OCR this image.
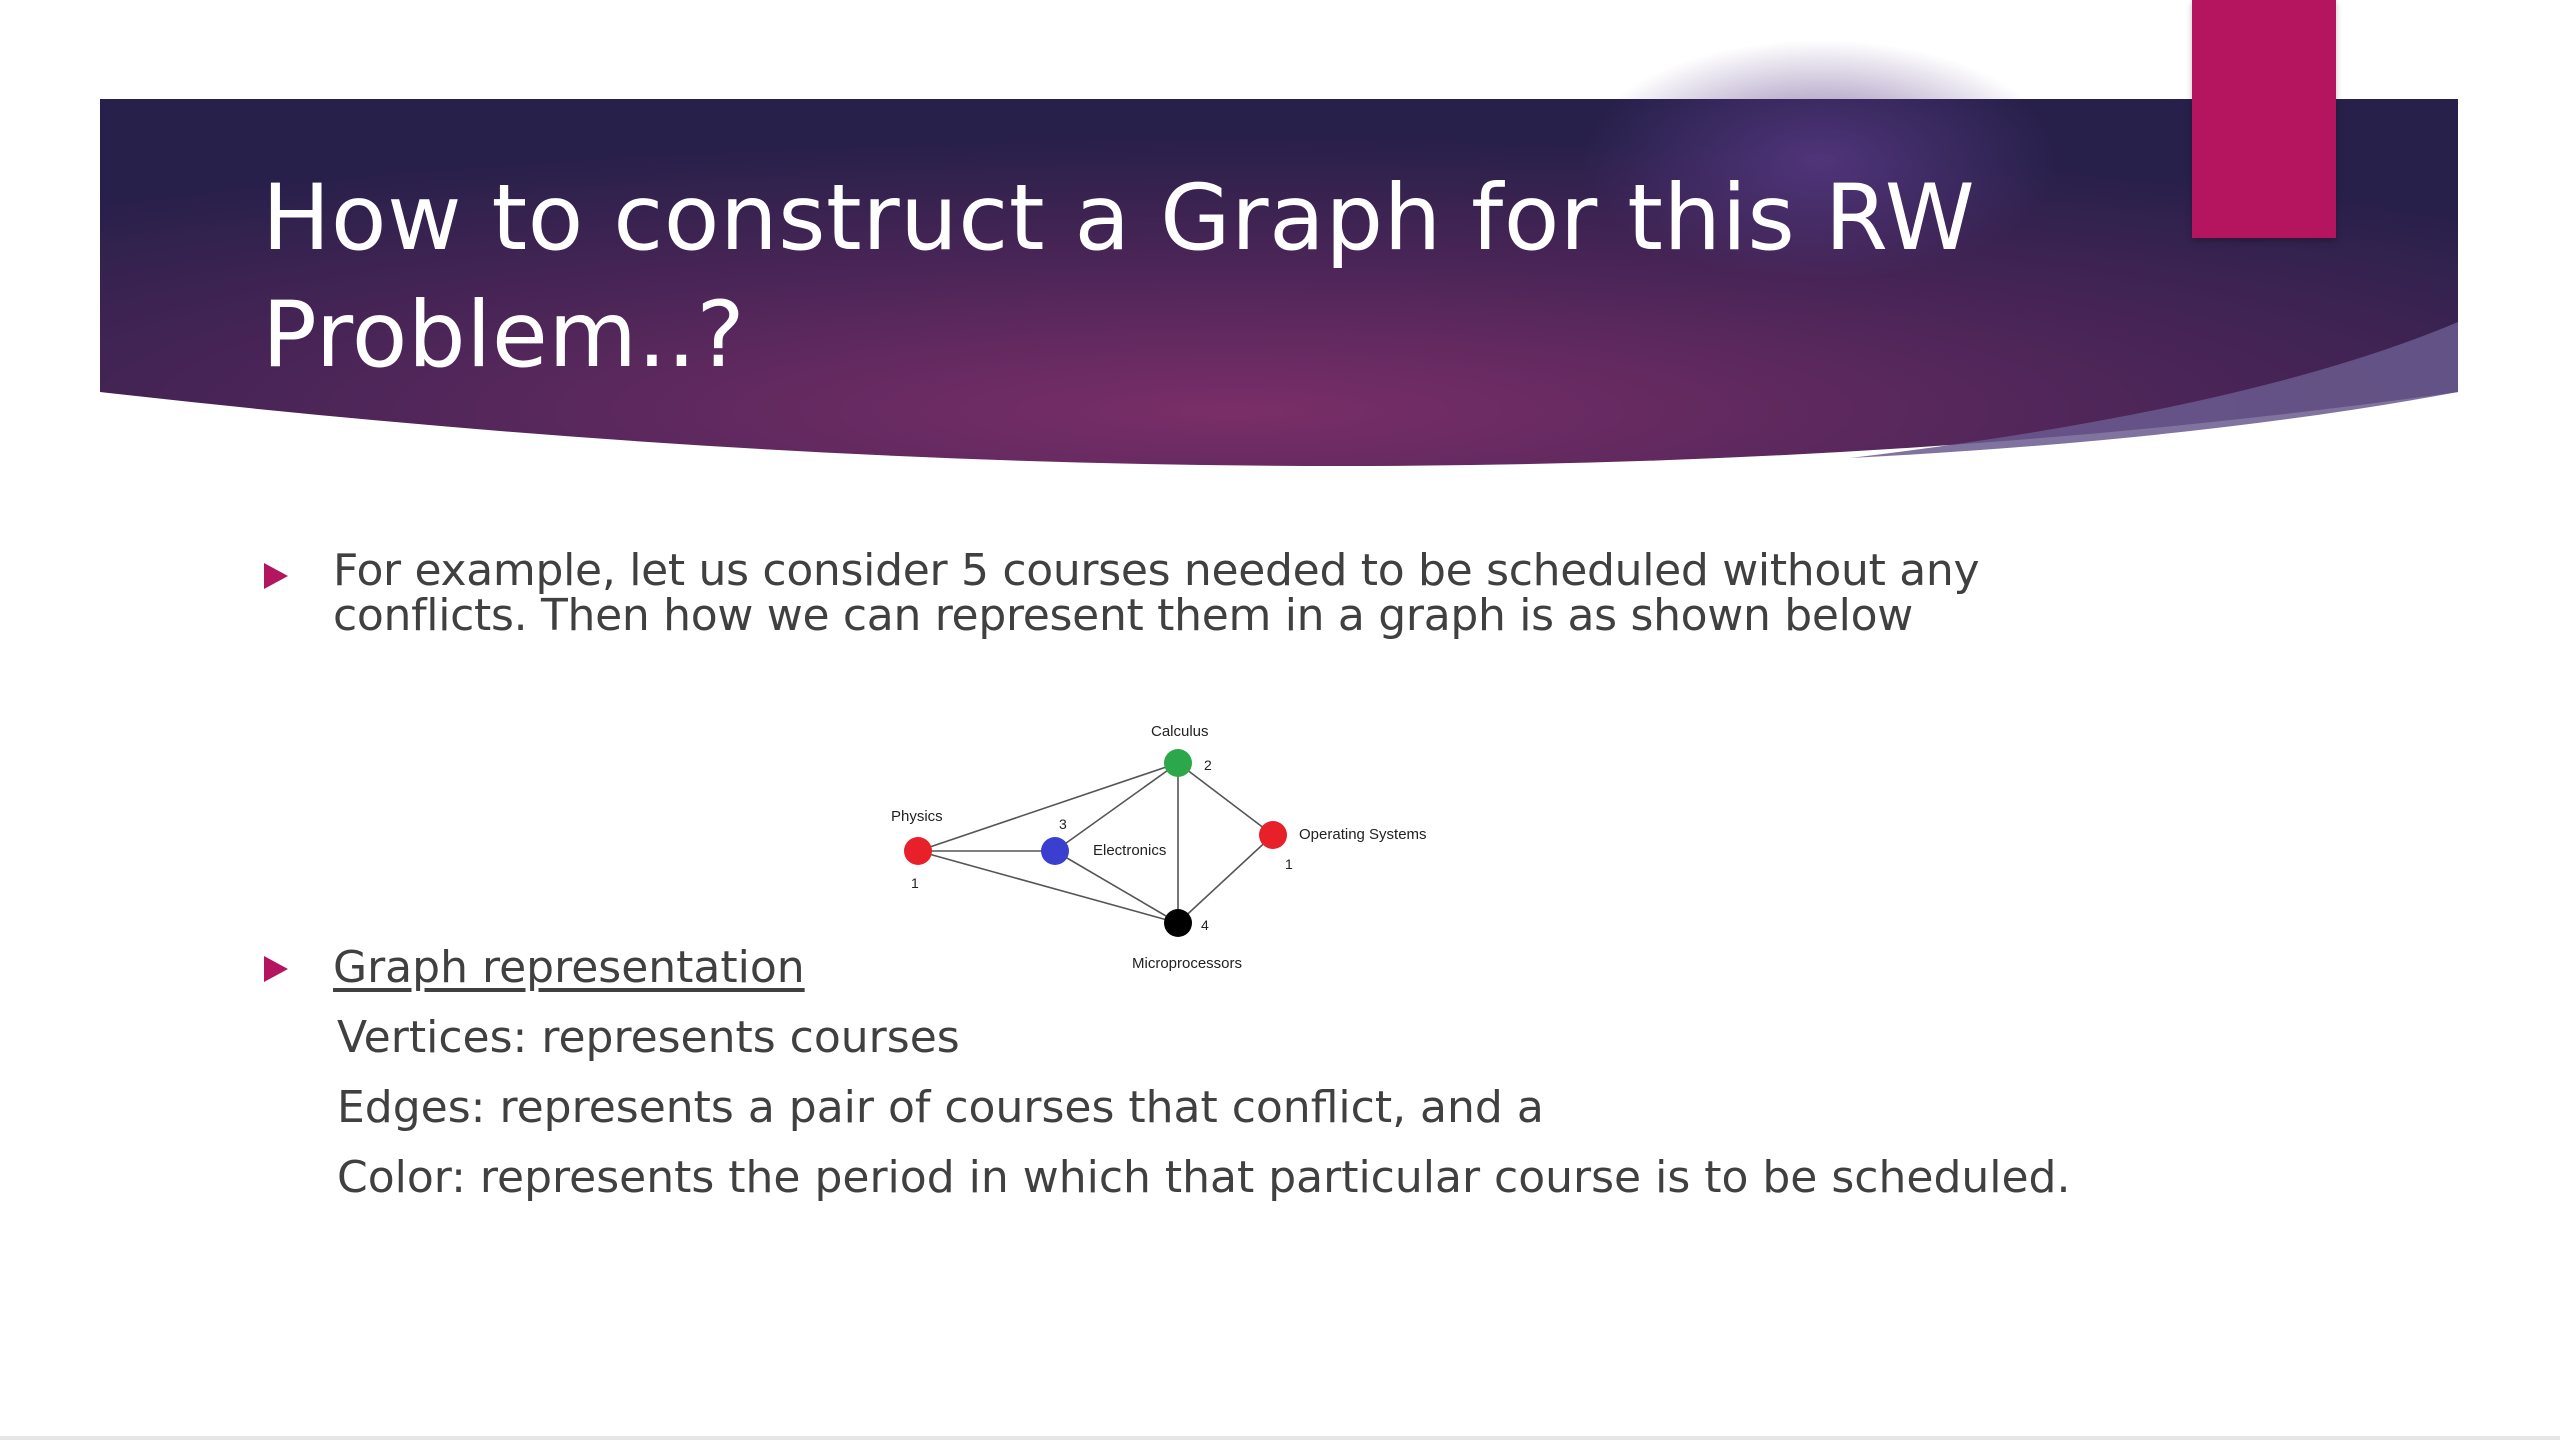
How to construct a Graph for this RW Problem..?

For example, let us consider 5 courses needed to be scheduled without any conflicts. Then how we can represent them in a graph is as shown below

Physics
1
Electronics
3
Calculus
2
Operating Systems
1
Microprocessors
4

Graph representation

Vertices: represents courses

Edges: represents a pair of courses that conflict, and a

Color: represents the period in which that particular course is to be scheduled.
